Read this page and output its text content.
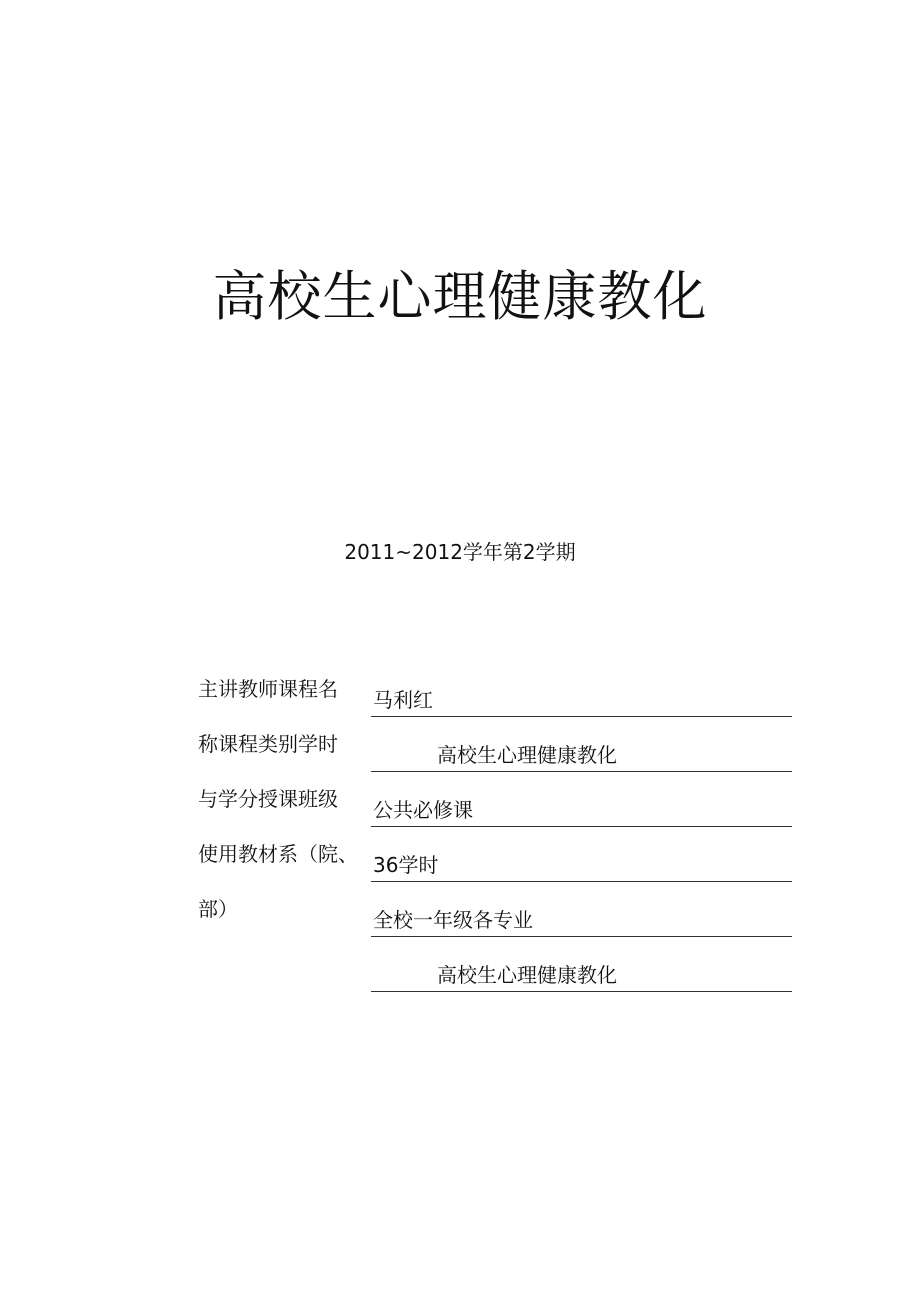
高校生心理健康教化
2011~2012学年第2学期
主讲教师课程名
称课程类别学时
与学分授课班级
使用教材系（院、
部）
马利红
高校生心理健康教化
公共必修课
36学时
全校一年级各专业
高校生心理健康教化
